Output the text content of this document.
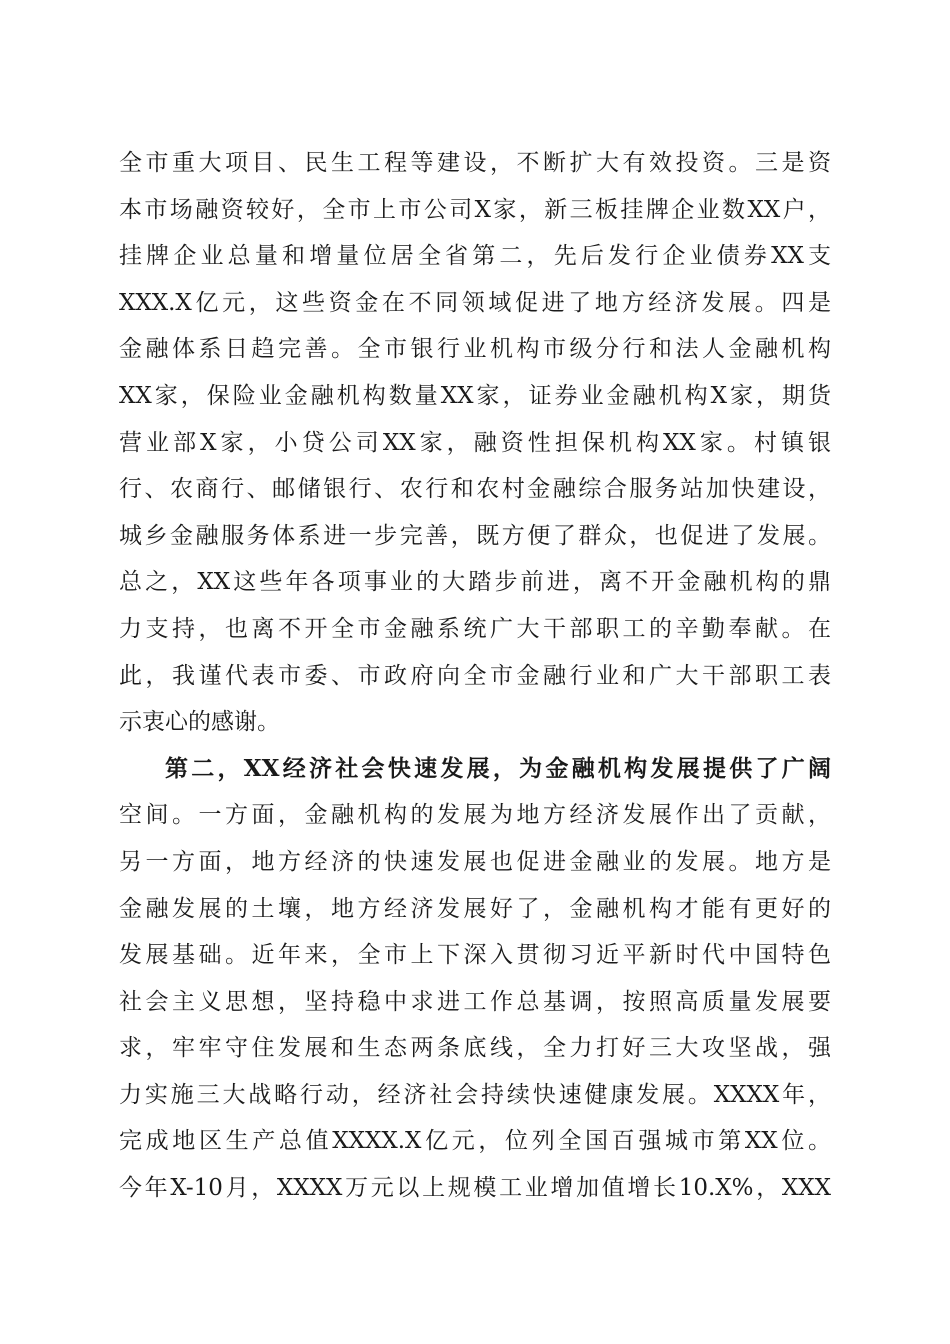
全市重大项目、民生工程等建设，不断扩大有效投资。三是资
本市场融资较好，全市上市公司X家，新三板挂牌企业数XX户，
挂牌企业总量和增量位居全省第二，先后发行企业债券XX支
XXX.X亿元，这些资金在不同领域促进了地方经济发展。四是
金融体系日趋完善。全市银行业机构市级分行和法人金融机构
XX家，保险业金融机构数量XX家，证券业金融机构X家，期货
营业部X家，小贷公司XX家，融资性担保机构XX家。村镇银
行、农商行、邮储银行、农行和农村金融综合服务站加快建设，
城乡金融服务体系进一步完善，既方便了群众，也促进了发展。
总之，XX这些年各项事业的大踏步前进，离不开金融机构的鼎
力支持，也离不开全市金融系统广大干部职工的辛勤奉献。在
此，我谨代表市委、市政府向全市金融行业和广大干部职工表
示衷心的感谢。
第二，XX经济社会快速发展，为金融机构发展提供了广阔
空间。一方面，金融机构的发展为地方经济发展作出了贡献，
另一方面，地方经济的快速发展也促进金融业的发展。地方是
金融发展的土壤，地方经济发展好了，金融机构才能有更好的
发展基础。近年来，全市上下深入贯彻习近平新时代中国特色
社会主义思想，坚持稳中求进工作总基调，按照高质量发展要
求，牢牢守住发展和生态两条底线，全力打好三大攻坚战，强
力实施三大战略行动，经济社会持续快速健康发展。XXXX年，
完成地区生产总值XXXX.X亿元，位列全国百强城市第XX位。
今年X-10月，XXXX万元以上规模工业增加值增长10.X%，XXX
